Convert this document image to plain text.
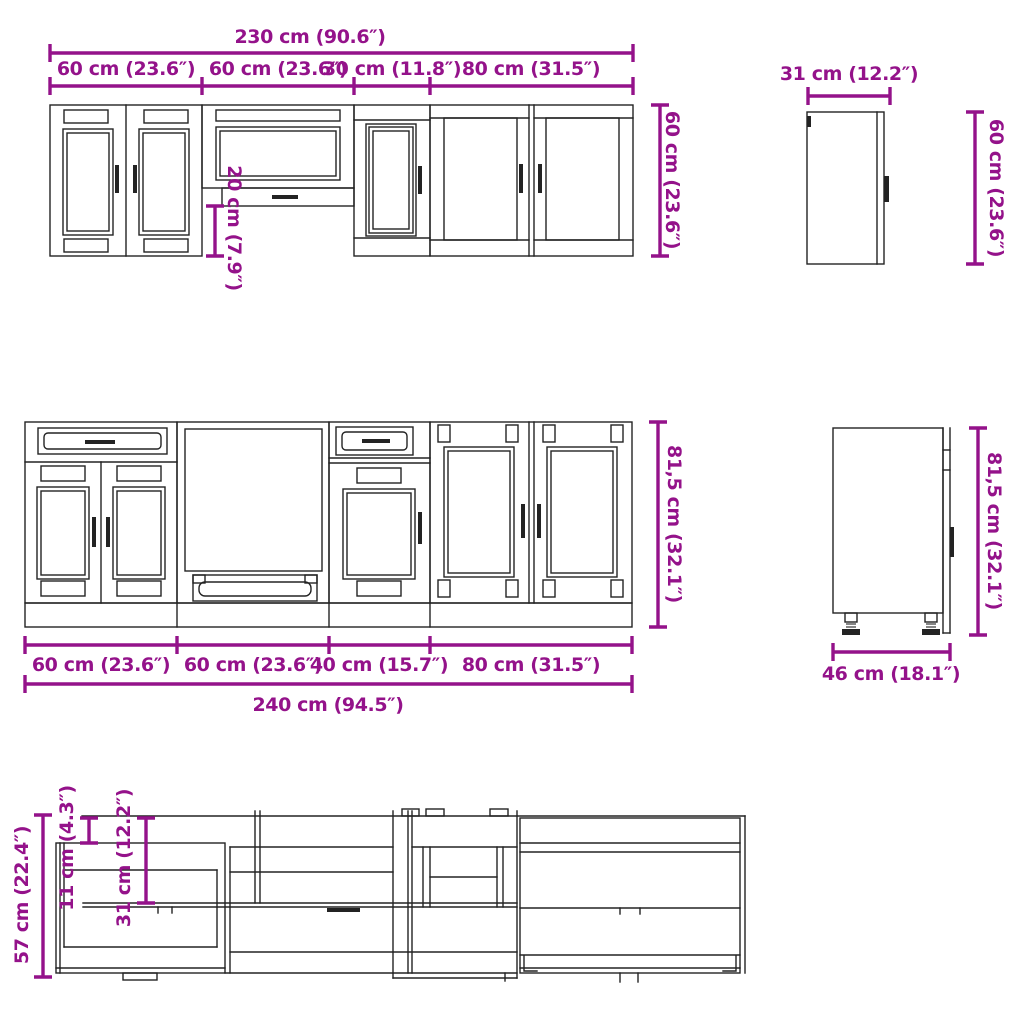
230 cm (90.6″)
60 cm (23.6″) 60 cm (23.6″)
30 cm (11.8″) 80 cm (31.5″)
20 cm (7.9″)	60 cm (23.6″)
31 cm (12.2″)
60 cm (23.6″)
81,5 cm (32.1″)
60 cm (23.6″) 60 cm (23.6″)
40 cm (15.7″) 80 cm (31.5″)
240 cm (94.5″)
81,5 cm (32.1″)
46 cm (18.1″)
57 cm (22.4″) 11 cm (4.3″) 31 cm (12.2″)
